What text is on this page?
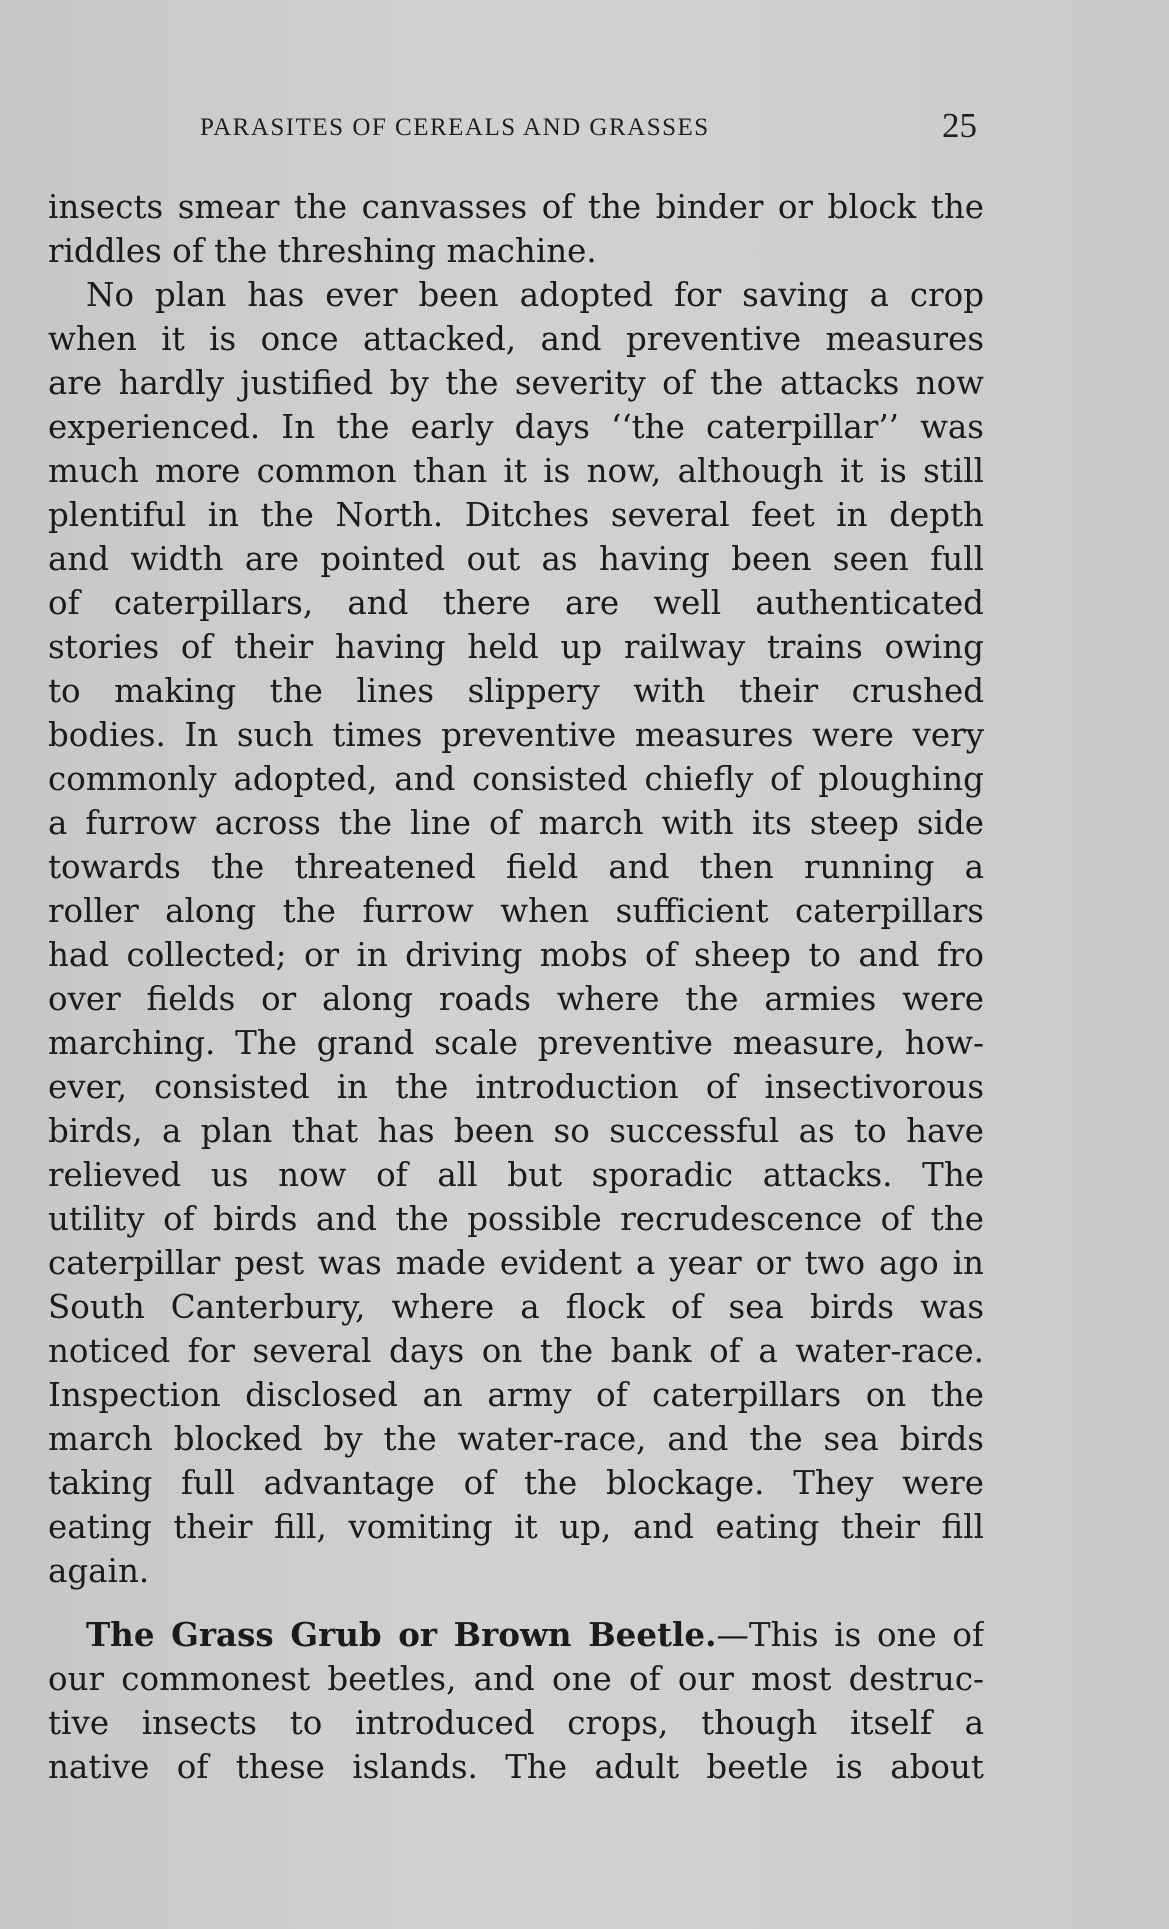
PARASITES OF CEREALS AND GRASSES	25
insects smear the canvasses of the binder or block the
riddles of the threshing machine.
No plan has ever been adopted for saving a crop
when it is once attacked, and preventive measures
are hardly justified by the severity of the attacks now
experienced. In the early days ‘‘the caterpillar’’ was
much more common than it is now, although it is still
plentiful in the North. Ditches several feet in depth
and width are pointed out as having been seen full
of caterpillars, and there are well authenticated
stories of their having held up railway trains owing
to making the lines slippery with their crushed
bodies. In such times preventive measures were very
commonly adopted, and consisted chiefly of ploughing
a furrow across the line of march with its steep side
towards the threatened field and then running a
roller along the furrow when sufficient caterpillars
had collected; or in driving mobs of sheep to and fro
over fields or along roads where the armies were
marching. The grand scale preventive measure, how-
ever, consisted in the introduction of insectivorous
birds, a plan that has been so successful as to have
relieved us now of all but sporadic attacks. The
utility of birds and the possible recrudescence of the
caterpillar pest was made evident a year or two ago in
South Canterbury, where a flock of sea birds was
noticed for several days on the bank of a water-race.
Inspection disclosed an army of caterpillars on the
march blocked by the water-race, and the sea birds
taking full advantage of the blockage. They were
eating their fill, vomiting it up, and eating their fill
again.
The Grass Grub or Brown Beetle.—This is one of
our commonest beetles, and one of our most destruc-
tive insects to introduced crops, though itself a
native of these islands. The adult beetle is about
